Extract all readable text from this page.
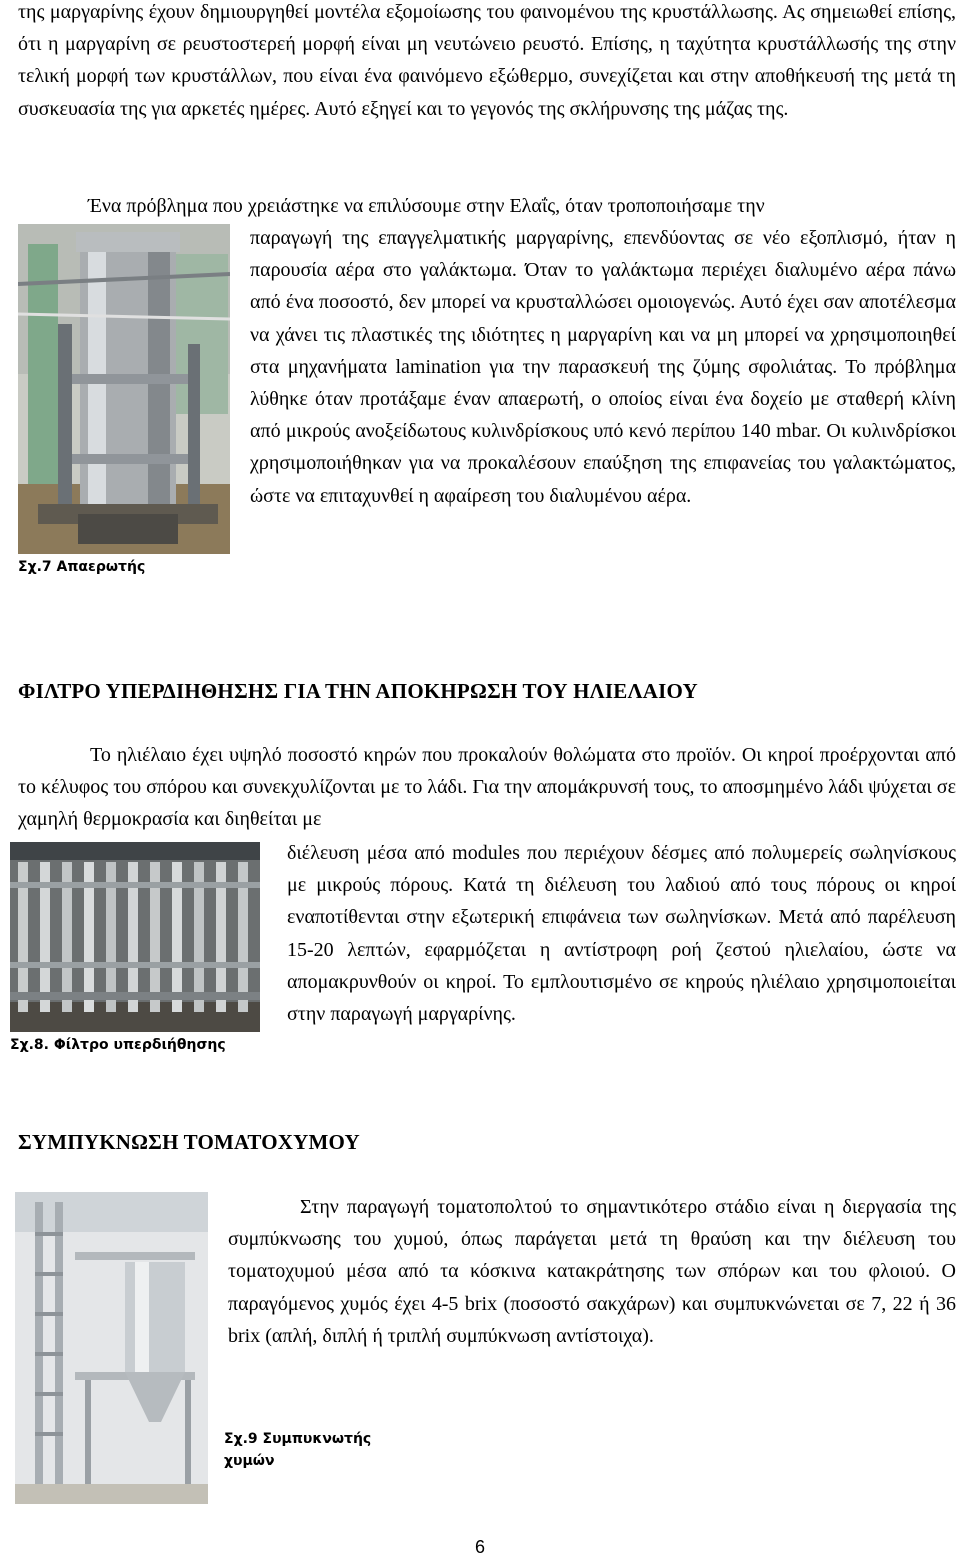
της μαργαρίνης έχουν δημιουργηθεί μοντέλα εξομοίωσης του φαινομένου της κρυστάλλωσης. Ας σημειωθεί επίσης, ότι η μαργαρίνη σε ρευστοστερεή μορφή είναι μη νευτώνειο ρευστό. Επίσης, η ταχύτητα κρυστάλλωσής της στην τελική μορφή των κρυστάλλων, που είναι ένα φαινόμενο εξώθερμο, συνεχίζεται και στην αποθήκευσή της μετά τη συσκευασία της για αρκετές ημέρες. Αυτό εξηγεί και το γεγονός της σκλήρυνσης της μάζας της.

Ένα πρόβλημα που χρειάστηκε να επιλύσουμε στην Ελαΐς, όταν τροποποιήσαμε την

παραγωγή της επαγγελματικής μαργαρίνης, επενδύοντας σε νέο εξοπλισμό, ήταν η παρουσία αέρα στο γαλάκτωμα. Όταν το γαλάκτωμα περιέχει διαλυμένο αέρα πάνω από ένα ποσοστό, δεν μπορεί να κρυσταλλώσει ομοιογενώς. Αυτό έχει σαν αποτέλεσμα να χάνει τις πλαστικές της ιδιότητες η μαργαρίνη και να μη μπορεί να χρησιμοποιηθεί στα μηχανήματα lamination για την παρασκευή της ζύμης σφολιάτας. Το πρόβλημα λύθηκε όταν προτάξαμε έναν απαερωτή, ο οποίος είναι ένα δοχείο με σταθερή κλίνη από μικρούς ανοξείδωτους κυλινδρίσκους υπό κενό περίπου 140 mbar. Οι κυλινδρίσκοι χρησιμοποιήθηκαν για να προκαλέσουν επαύξηση της επιφανείας του γαλακτώματος, ώστε να επιταχυνθεί η αφαίρεση του διαλυμένου αέρα.

Σχ.7 Απαερωτής

ΦΙΛΤΡΟ ΥΠΕΡΔΙΗΘΗΣΗΣ ΓΙΑ ΤΗΝ ΑΠΟΚΗΡΩΣΗ ΤΟΥ ΗΛΙΕΛΑΙΟΥ

Το ηλιέλαιο έχει υψηλό ποσοστό κηρών που προκαλούν θολώματα στο προϊόν. Οι κηροί προέρχονται από το κέλυφος του σπόρου και συνεκχυλίζονται με το λάδι. Για την απομάκρυνσή τους, το αποσμημένο λάδι ψύχεται σε χαμηλή θερμοκρασία και διηθείται με

διέλευση μέσα από modules που περιέχουν δέσμες από πολυμερείς σωληνίσκους με μικρούς πόρους. Κατά τη διέλευση του λαδιού από τους πόρους οι κηροί εναποτίθενται στην εξωτερική επιφάνεια των σωληνίσκων. Μετά από παρέλευση 15-20 λεπτών, εφαρμόζεται η αντίστροφη ροή ζεστού ηλιελαίου, ώστε να απομακρυνθούν οι κηροί. Το εμπλουτισμένο σε κηρούς ηλιέλαιο χρησιμοποιείται στην παραγωγή μαργαρίνης.

Σχ.8. Φίλτρο υπερδιήθησης

ΣΥΜΠΥΚΝΩΣΗ ΤΟΜΑΤΟΧΥΜΟΥ

Στην παραγωγή τοματοπολτού το σημαντικότερο στάδιο είναι η διεργασία της συμπύκνωσης του χυμού, όπως παράγεται μετά τη θραύση και την διέλευση του τοματοχυμού μέσα από τα κόσκινα κατακράτησης των σπόρων και του φλοιού. Ο παραγόμενος χυμός έχει 4-5 brix (ποσοστό σακχάρων) και συμπυκνώνεται σε 7, 22 ή 36 brix (απλή, διπλή ή τριπλή συμπύκνωση αντίστοιχα).

Σχ.9 Συμπυκνωτής χυμών

6
